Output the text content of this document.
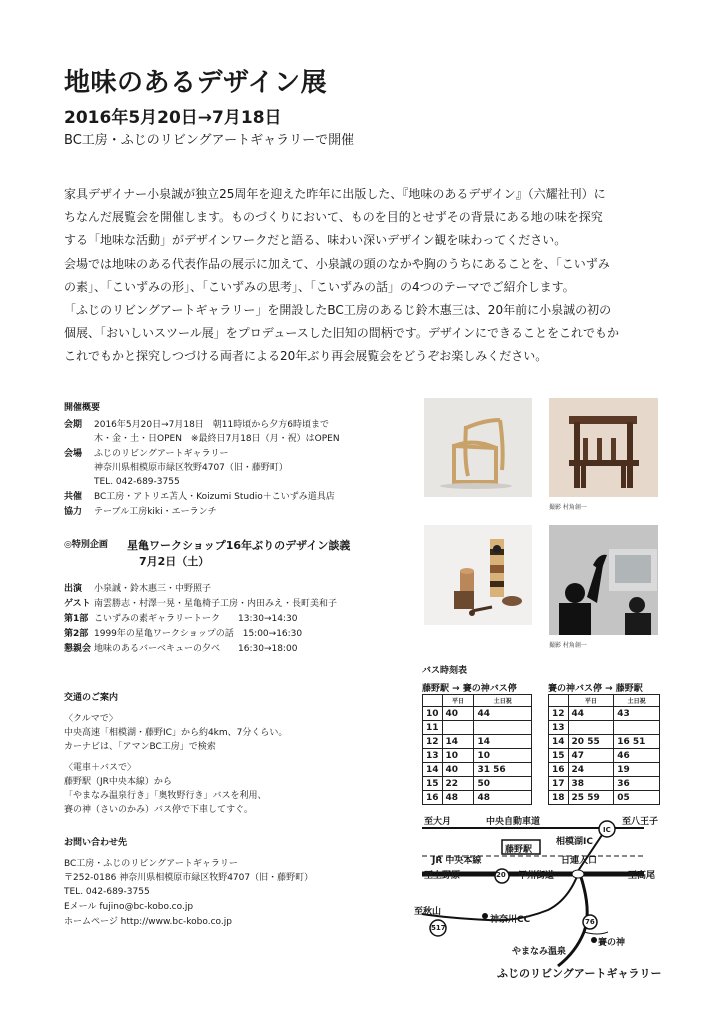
地味のあるデザイン展
2016年5月20日→7月18日
BC工房・ふじのリビングアートギャラリーで開催

家具デザイナー小泉誠が独立25周年を迎えた昨年に出版した、『地味のあるデザイン』（六耀社刊）に

ちなんだ展覧会を開催します。ものづくりにおいて、ものを目的とせずその背景にある地の味を探究

する「地味な活動」がデザインワークだと語る、味わい深いデザイン観を味わってください。

会場では地味のある代表作品の展示に加えて、小泉誠の頭のなかや胸のうちにあることを、「こいずみ

の素」、「こいずみの形」、「こいずみの思考」、「こいずみの話」の4つのテーマでご紹介します。

「ふじのリビングアートギャラリー」を開設したBC工房のあるじ鈴木惠三は、20年前に小泉誠の初の

個展、「おいしいスツール展」をプロデュースした旧知の間柄です。デザインにできることをこれでもか

これでもかと探究しつづける両者による20年ぶり再会展覧会をどうぞお楽しみください。

開催概要
会期 2016年5月20日→7月18日　朝11時頃から夕方6時頃まで
木・金・土・日OPEN　※最終日7月18日（月・祝）はOPEN
会場 ふじのリビングアートギャラリー
神奈川県相模原市緑区牧野4707（旧・藤野町）
TEL. 042-689-3755
共催 BC工房・アトリエ苫人・Koizumi Studio＋こいずみ道具店
協力 テーブル工房kiki・エーランチ
◎特別企画 星亀ワークショップ16年ぶりのデザイン談義
7月2日（土）
出演 小泉誠・鈴木惠三・中野照子
ゲスト 南雲勝志・村澤一晃・星亀椅子工房・内田みえ・長町美和子
第1部 こいずみの素ギャラリートーク　　13:30→14:30
第2部 1999年の星亀ワークショップの話　15:00→16:30
懇親会 地味のあるバーベキューの夕べ　　16:30→18:00
交通のご案内
〈クルマで〉
中央高速「相模湖・藤野IC」から約4km、7分くらい。
カーナビは、「アマンBC工房」で検索
〈電車＋バスで〉
藤野駅（JR中央本線）から
「やまなみ温泉行き」「奥牧野行き」バスを利用、
賽の神（さいのかみ）バス停で下車してすぐ。
お問い合わせ先
BC工房・ふじのリビングアートギャラリー
〒252-0186 神奈川県相模原市緑区牧野4707（旧・藤野町）
TEL. 042-689-3755
Eメール fujino@bc-kobo.co.jp
ホームページ http://www.bc-kobo.co.jp
撮影 村角創一
撮影 村角創一
バス時刻表
藤野駅 → 賽の神バス停	賽の神バス停 → 藤野駅
	平日	土日祝
10	40	44
11		
12	14	14
13	10	10
14	40	31 56
15	22	50
16	48	48
	平日	土日祝
12	44	43
13		
14	20 55	16 51
15	47	46
16	24	19
17	38	36
18	25 59	05
至大月	中央自動車道	至八王子
IC
相模湖IC
JR 中央本線
藤野駅
日連入口
至上野原	20 甲州街道	至高尾
至秋山
神奈川CC
517
76
やまなみ温泉
賽の神
ふじのリビングアートギャラリー
